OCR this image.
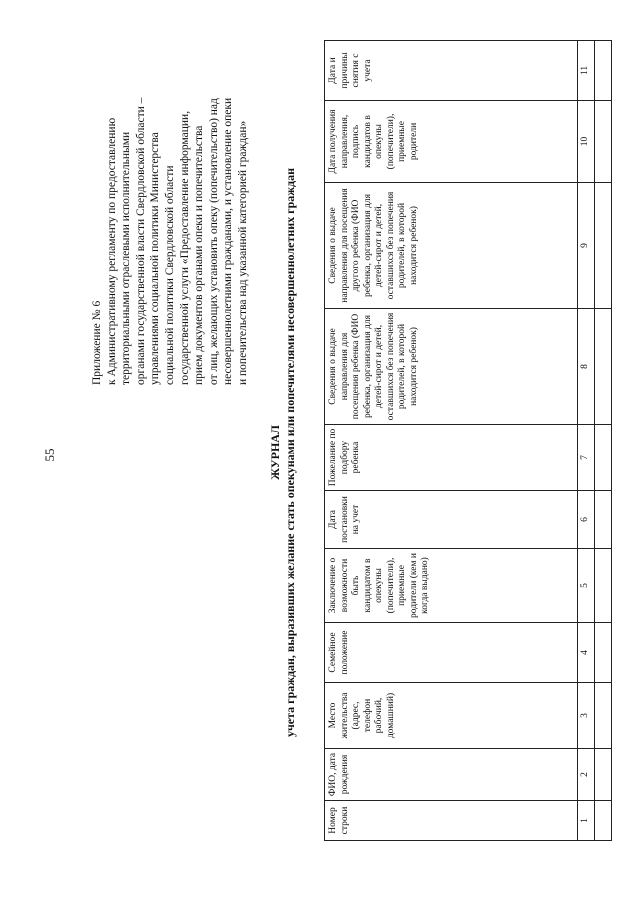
55
Приложение № 6 к Административному регламенту по предоставлению территориальными отраслевыми исполнительными органами государственной власти Свердловской области – управлениями социальной политики Министерства социальной политики Свердловской области государственной услуги «Предоставление информации, прием документов органами опеки и попечительства от лиц, желающих установить опеку (попечительство) над несовершеннолетними гражданами, и установление опеки и попечительства над указанной категорией граждан»
ЖУРНАЛ учета граждан, выразивших желание стать опекунами или попечителями несовершеннолетних граждан
Номер строки	ФИО, дата рождения	Место жительства (адрес, телефон рабочий, домашний)	Семейное положение	Заключение о возможности быть кандидатом в опекуны (попечители), приемные родители (кем и когда выдано)	Дата постановки на учет	Пожелание по подбору ребенка	Сведения о выдаче направления для посещения ребенка (ФИО ребенка, организация для детей-сирот и детей, оставшихся без попечения родителей, в которой находится ребенок)	Сведения о выдаче направления для посещения другого ребенка (ФИО ребенка, организация для детей-сирот и детей, оставшихся без попечения родителей, в которой находится ребенок)	Дата получения направления, подпись кандидатов в опекуны (попечители), приемные родители	Дата и причины снятия с учета
1	2	3	4	5	6	7	8	9	10	11
